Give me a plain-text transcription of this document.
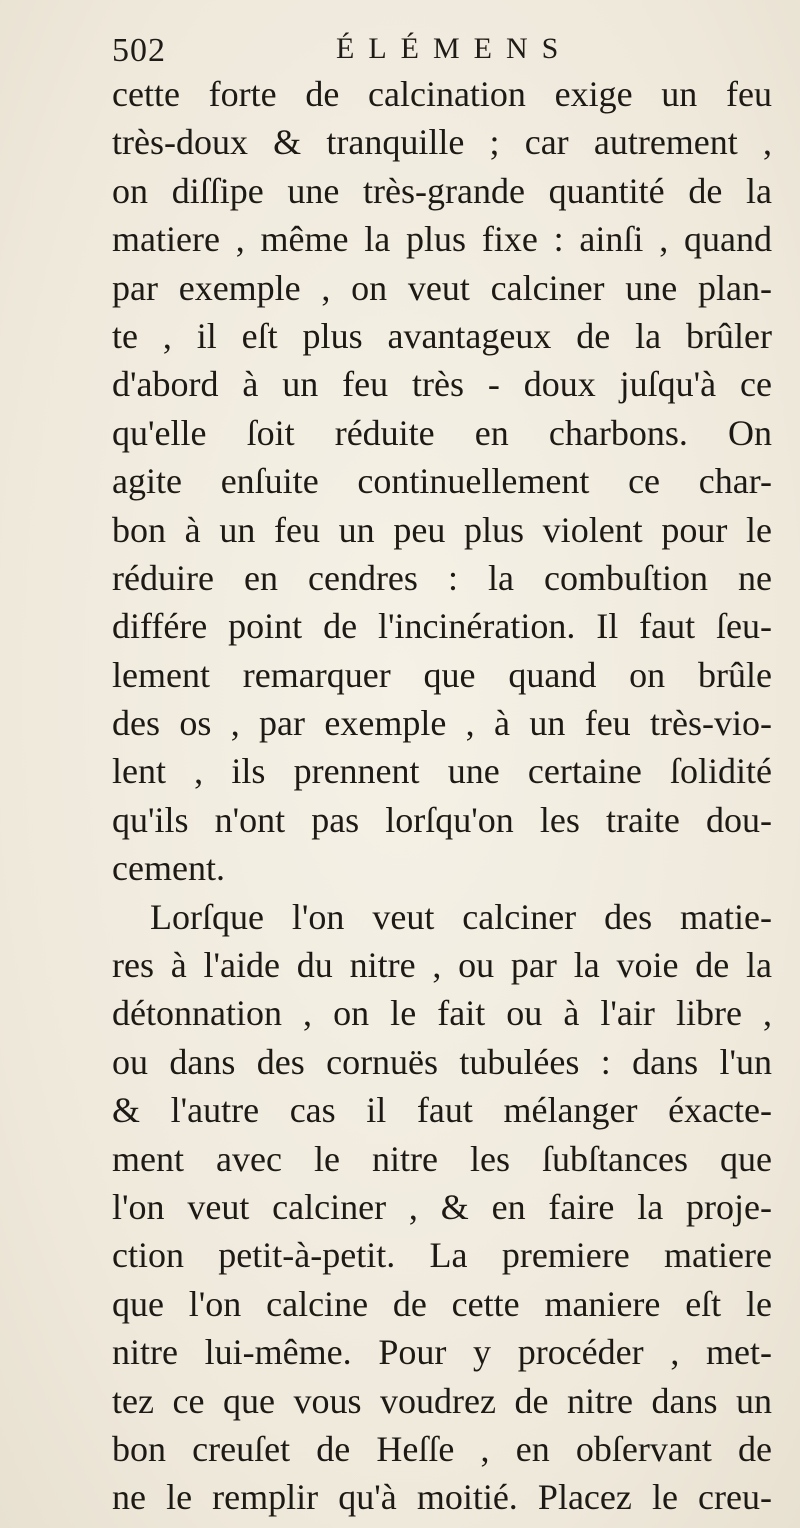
502	ÉLÉMENS
cette forte de calcination exige un feu
très-doux & tranquille ; car autrement ,
on diſſipe une très-grande quantité de la
matiere , même la plus fixe : ainſi , quand
par exemple , on veut calciner une plan-
te , il eſt plus avantageux de la brûler
d'abord à un feu très - doux juſqu'à ce
qu'elle ſoit réduite en charbons. On
agite enſuite continuellement ce char-
bon à un feu un peu plus violent pour le
réduire en cendres : la combuſtion ne
différe point de l'incinération. Il faut ſeu-
lement remarquer que quand on brûle
des os , par exemple , à un feu très-vio-
lent , ils prennent une certaine ſolidité
qu'ils n'ont pas lorſqu'on les traite dou-
cement.
Lorſque l'on veut calciner des matie-
res à l'aide du nitre , ou par la voie de la
détonnation , on le fait ou à l'air libre ,
ou dans des cornuës tubulées : dans l'un
& l'autre cas il faut mélanger éxacte-
ment avec le nitre les ſubſtances que
l'on veut calciner , & en faire la proje-
ction petit-à-petit. La premiere matiere
que l'on calcine de cette maniere eſt le
nitre lui-même. Pour y procéder , met-
tez ce que vous voudrez de nitre dans un
bon creuſet de Heſſe , en obſervant de
ne le remplir qu'à moitié. Placez le creu-
